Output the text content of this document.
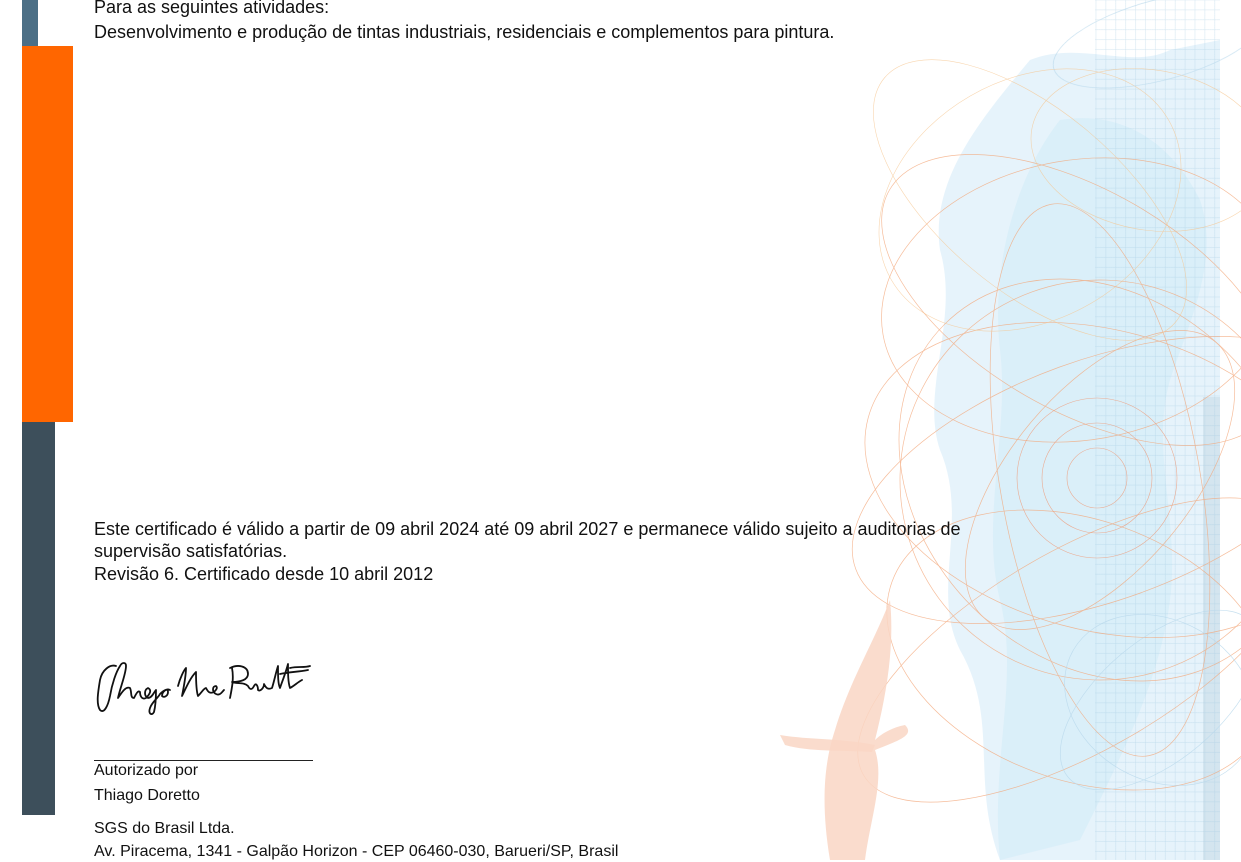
Para as seguintes atividades:
Desenvolvimento e produção de tintas industriais, residenciais e complementos para pintura.
Este certificado é válido a partir de 09 abril 2024 até 09 abril 2027 e permanece válido sujeito a auditorias de
supervisão satisfatórias.
Revisão 6. Certificado desde 10 abril 2012
Autorizado por
Thiago Doretto
SGS do Brasil Ltda.
Av. Piracema, 1341 - Galpão Horizon - CEP 06460-030, Barueri/SP, Brasil
